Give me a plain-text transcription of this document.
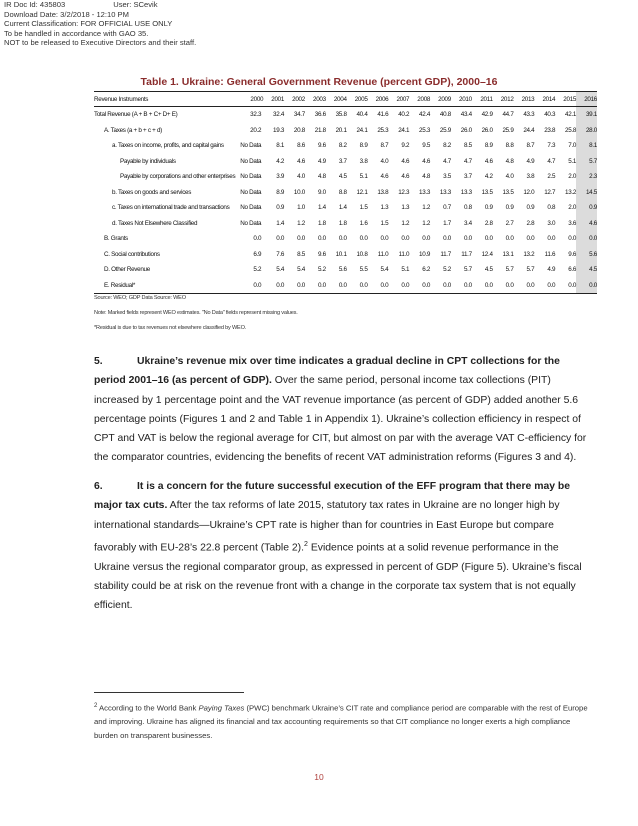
IR Doc Id: 435803	User: SCevik
Download Date: 3/2/2018 - 12:10 PM
Current Classification: FOR OFFICIAL USE ONLY
To be handled in accordance with GAO 35.
NOT to be released to Executive Directors and their staff.
Table 1. Ukraine: General Government Revenue (percent GDP), 2000–16
Revenue Instruments	2000	2001	2002	2003	2004	2005	2006	2007	2008	2009	2010	2011	2012	2013	2014	2015	2016
Total Revenue (A + B + C+ D+ E)	32.3	32.4	34.7	36.6	35.8	40.4	41.6	40.2	42.4	40.8	43.4	42.9	44.7	43.3	40.3	42.1	39.1
A. Taxes (a + b + c + d)	20.2	19.3	20.8	21.8	20.1	24.1	25.3	24.1	25.3	25.9	26.0	26.0	25.9	24.4	23.8	25.8	28.0
a. Taxes on income, profits, and capital gains	No Data	8.1	8.6	9.6	8.2	8.9	8.7	9.2	9.5	8.2	8.5	8.9	8.8	8.7	7.3	7.0	8.1
Payable by individuals	No Data	4.2	4.6	4.9	3.7	3.8	4.0	4.6	4.6	4.7	4.7	4.6	4.8	4.9	4.7	5.1	5.7
Payable by corporations and other enterprises	No Data	3.9	4.0	4.8	4.5	5.1	4.6	4.6	4.8	3.5	3.7	4.2	4.0	3.8	2.5	2.0	2.3
b. Taxes on goods and services	No Data	8.9	10.0	9.0	8.8	12.1	13.8	12.3	13.3	13.3	13.3	13.5	13.5	12.0	12.7	13.2	14.5
c. Taxes on international trade and transactions	No Data	0.9	1.0	1.4	1.4	1.5	1.3	1.3	1.2	0.7	0.8	0.9	0.9	0.9	0.8	2.0	0.9
d. Taxes Not Elsewhere Classified	No Data	1.4	1.2	1.8	1.8	1.6	1.5	1.2	1.2	1.7	3.4	2.8	2.7	2.8	3.0	3.6	4.6
B. Grants	0.0	0.0	0.0	0.0	0.0	0.0	0.0	0.0	0.0	0.0	0.0	0.0	0.0	0.0	0.0	0.0	0.0
C. Social contributions	6.9	7.6	8.5	9.6	10.1	10.8	11.0	11.0	10.9	11.7	11.7	12.4	13.1	13.2	11.6	9.6	5.6
D. Other Revenue	5.2	5.4	5.4	5.2	5.6	5.5	5.4	5.1	6.2	5.2	5.7	4.5	5.7	5.7	4.9	6.6	4.5
E. Residual*	0.0	0.0	0.0	0.0	0.0	0.0	0.0	0.0	0.0	0.0	0.0	0.0	0.0	0.0	0.0	0.0	0.0
Source: WEO; GDP Data Source: WEO
Note: Marked fields represent WEO estimates. "No Data" fields represent missing values.
*Residual is due to tax revenues not elsewhere classified by WEO.
5.	Ukraine’s revenue mix over time indicates a gradual decline in CPT collections for the period 2001–16 (as percent of GDP). Over the same period, personal income tax collections (PIT) increased by 1 percentage point and the VAT revenue importance (as percent of GDP) added another 5.6 percentage points (Figures 1 and 2 and Table 1 in Appendix 1). Ukraine’s collection efficiency in respect of CPT and VAT is below the regional average for CIT, but almost on par with the average VAT C-efficiency for the comparator countries, evidencing the benefits of recent VAT administration reforms (Figures 3 and 4).
6.	It is a concern for the future successful execution of the EFF program that there may be major tax cuts. After the tax reforms of late 2015, statutory tax rates in Ukraine are no longer high by international standards—Ukraine’s CPT rate is higher than for countries in East Europe but compare favorably with EU-28’s 22.8 percent (Table 2).$^2$ Evidence points at a solid revenue performance in the Ukraine versus the regional comparator group, as expressed in percent of GDP (Figure 5). Ukraine’s fiscal stability could be at risk on the revenue front with a change in the corporate tax system that is not equally efficient.
$^2$ According to the World Bank Paying Taxes (PWC) benchmark Ukraine’s CIT rate and compliance period are comparable with the rest of Europe and improving. Ukraine has aligned its financial and tax accounting requirements so that CIT compliance no longer exerts a high compliance burden on transparent businesses.
10
